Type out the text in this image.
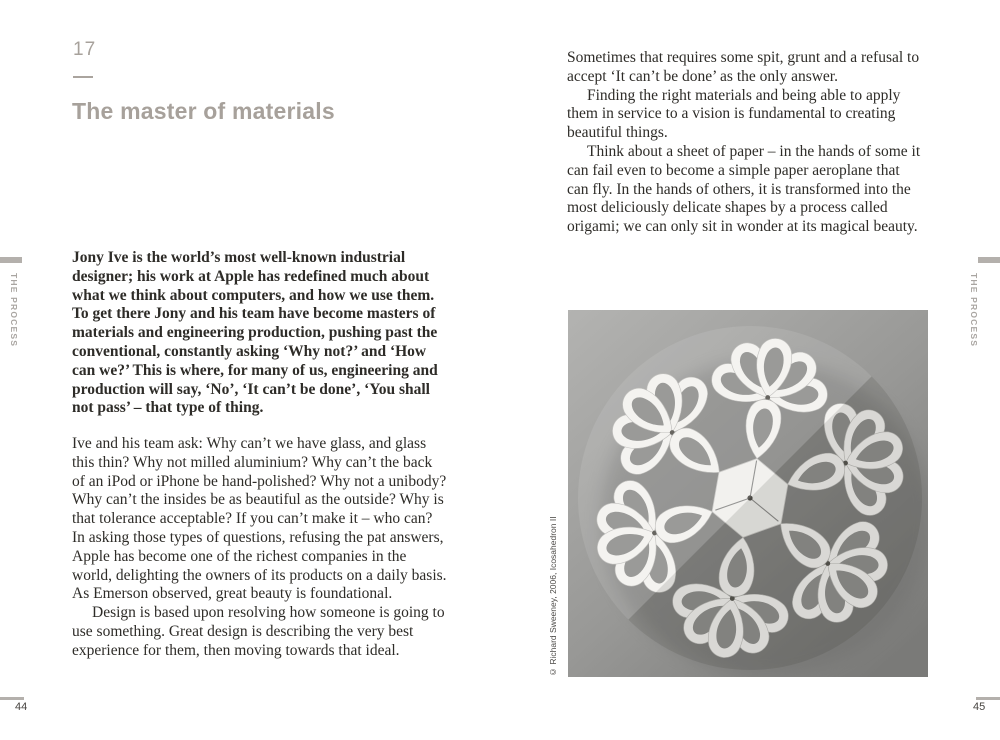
THE PROCESS
44
THE PROCESS
45
17
The master of materials

Jony Ive is the world’s most well-known industrial designer; his work at Apple has redefined much about what we think about computers, and how we use them. To get there Jony and his team have become masters of materials and engineering production, pushing past the conventional, constantly asking ‘Why not?’ and ‘How can we?’ This is where, for many of us, engineering and production will say, ‘No’, ‘It can’t be done’, ‘You shall not pass’ – that type of thing.

Ive and his team ask: Why can’t we have glass, and glass this thin? Why not milled aluminium? Why can’t the back of an iPod or iPhone be hand-polished? Why not a unibody? Why can’t the insides be as beautiful as the outside? Why is that tolerance acceptable? If you can’t make it – who can? In asking those types of questions, refusing the pat answers, Apple has become one of the richest companies in the world, delighting the owners of its products on a daily basis. As Emerson observed, great beauty is foundational.

Design is based upon resolving how someone is going to use something. Great design is describing the very best experience for them, then moving towards that ideal.

Sometimes that requires some spit, grunt and a refusal to accept ‘It can’t be done’ as the only answer.

Finding the right materials and being able to apply them in service to a vision is fundamental to creating beautiful things.

Think about a sheet of paper – in the hands of some it can fail even to become a simple paper aeroplane that can fly. In the hands of others, it is transformed into the most deliciously delicate shapes by a process called origami; we can only sit in wonder at its magical beauty.

© Richard Sweeney, 2006, Icosahedron II
